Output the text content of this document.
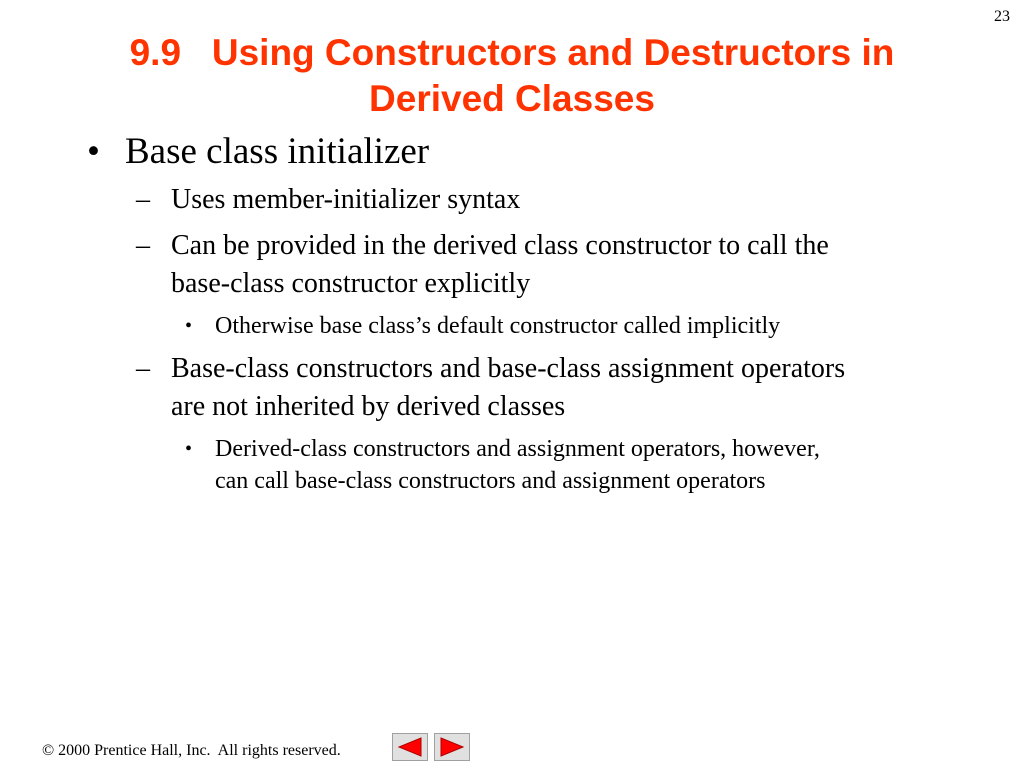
23
9.9   Using Constructors and Destructors in
Derived Classes
• Base class initializer
– Uses member-initializer syntax
– Can be provided in the derived class constructor to call the
base-class constructor explicitly
• Otherwise base class’s default constructor called implicitly
– Base-class constructors and base-class assignment operators
are not inherited by derived classes
• Derived-class constructors and assignment operators, however,
can call base-class constructors and assignment operators
© 2000 Prentice Hall, Inc.  All rights reserved.
